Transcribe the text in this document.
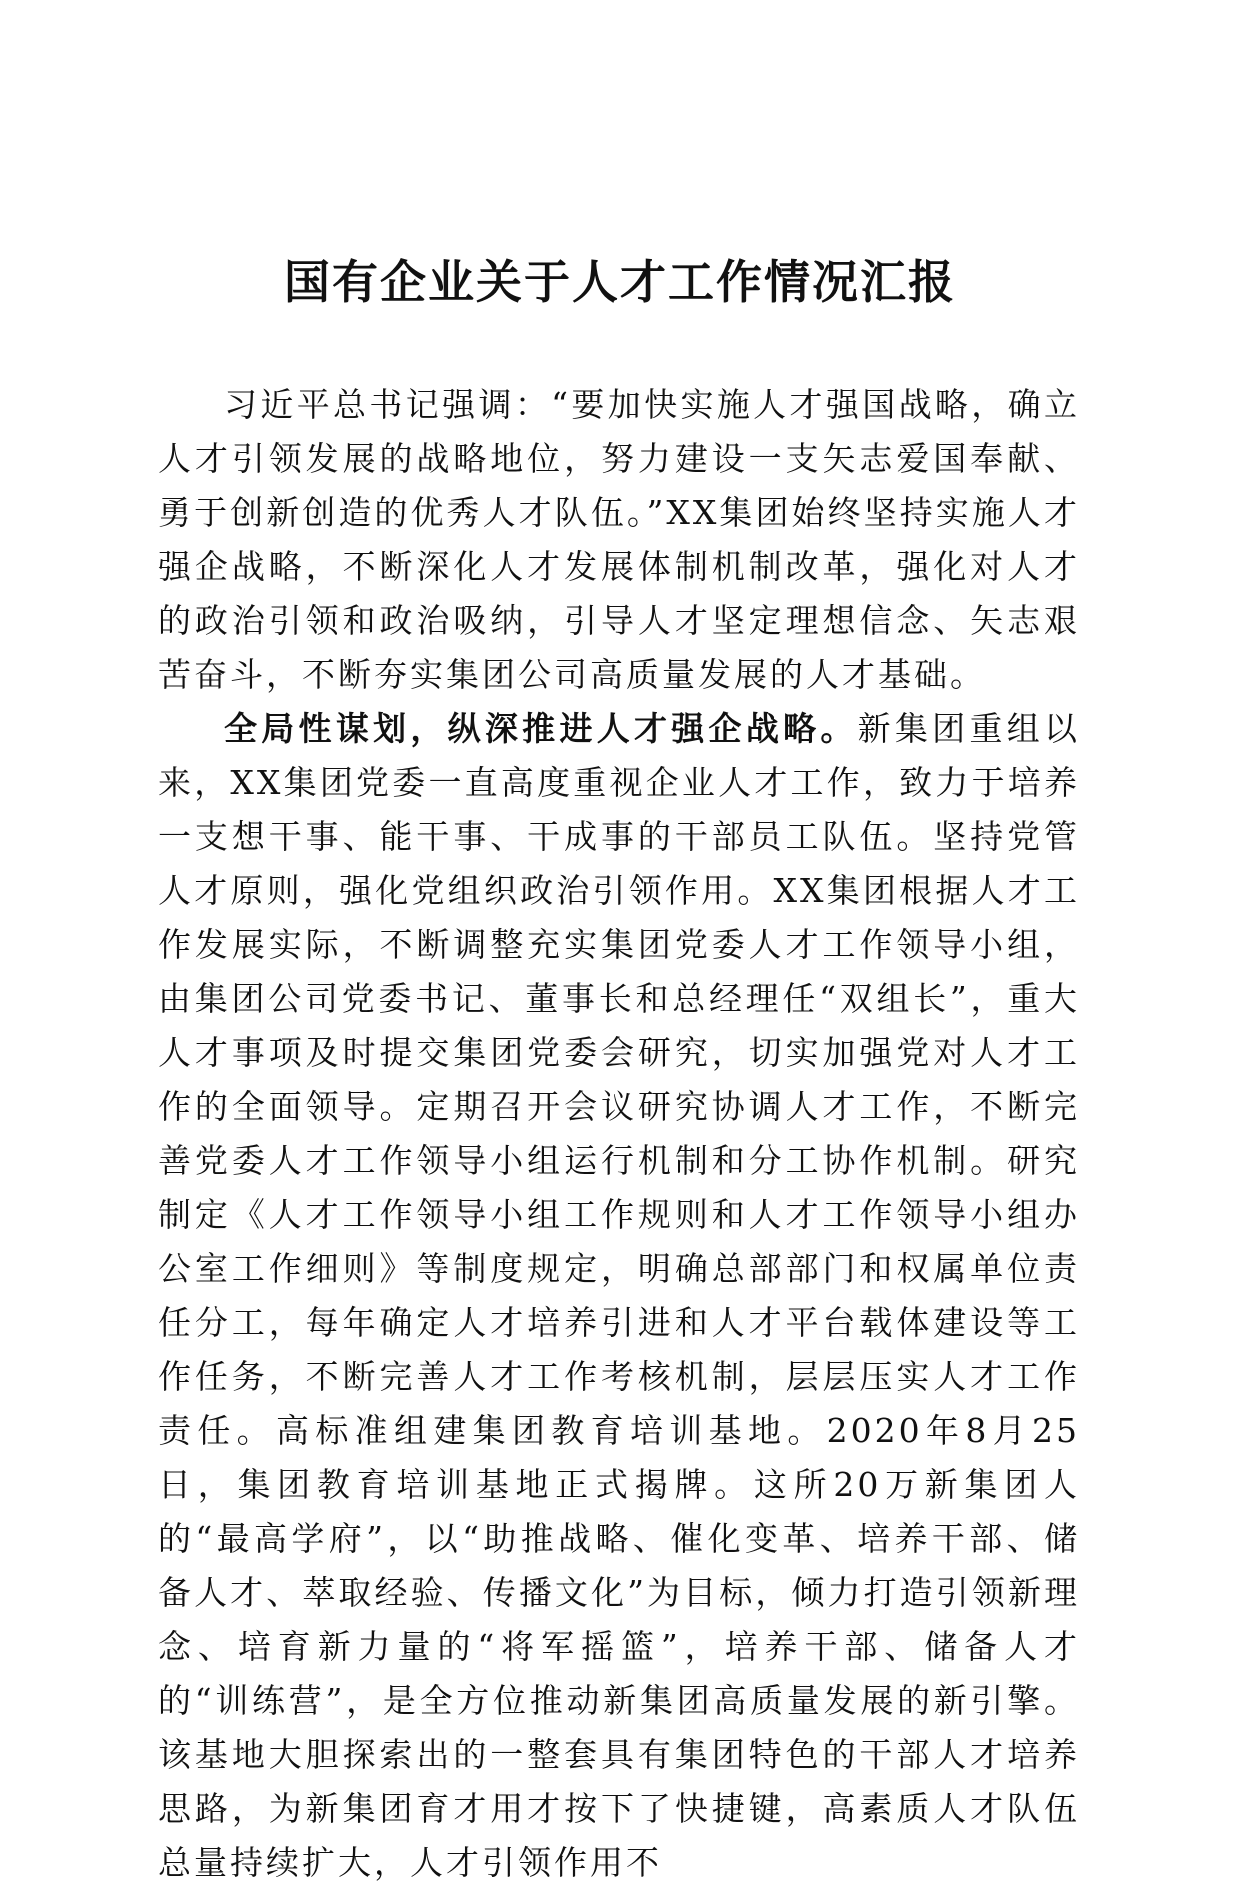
国有企业关于人才工作情况汇报

习近平总书记强调：“要加快实施人才强国战略，确立人才引领发展的战略地位，努力建设一支矢志爱国奉献、勇于创新创造的优秀人才队伍。”XX集团始终坚持实施人才强企战略，不断深化人才发展体制机制改革，强化对人才的政治引领和政治吸纳，引导人才坚定理想信念、矢志艰苦奋斗，不断夯实集团公司高质量发展的人才基础。

全局性谋划，纵深推进人才强企战略。新集团重组以来，XX集团党委一直高度重视企业人才工作，致力于培养一支想干事、能干事、干成事的干部员工队伍。坚持党管人才原则，强化党组织政治引领作用。XX集团根据人才工作发展实际，不断调整充实集团党委人才工作领导小组，由集团公司党委书记、董事长和总经理任“双组长”，重大人才事项及时提交集团党委会研究，切实加强党对人才工作的全面领导。定期召开会议研究协调人才工作，不断完善党委人才工作领导小组运行机制和分工协作机制。研究制定《人才工作领导小组工作规则和人才工作领导小组办公室工作细则》等制度规定，明确总部部门和权属单位责任分工，每年确定人才培养引进和人才平台载体建设等工作任务，不断完善人才工作考核机制，层层压实人才工作责任。高标准组建集团教育培训基地。2020年8月25日，集团教育培训基地正式揭牌。这所20万新集团人的“最高学府”，以“助推战略、催化变革、培养干部、储备人才、萃取经验、传播文化”为目标，倾力打造引领新理念、培育新力量的“将军摇篮”，培养干部、储备人才的“训练营”，是全方位推动新集团高质量发展的新引擎。该基地大胆探索出的一整套具有集团特色的干部人才培养思路，为新集团育才用才按下了快捷键，高素质人才队伍总量持续扩大，人才引领作用不
